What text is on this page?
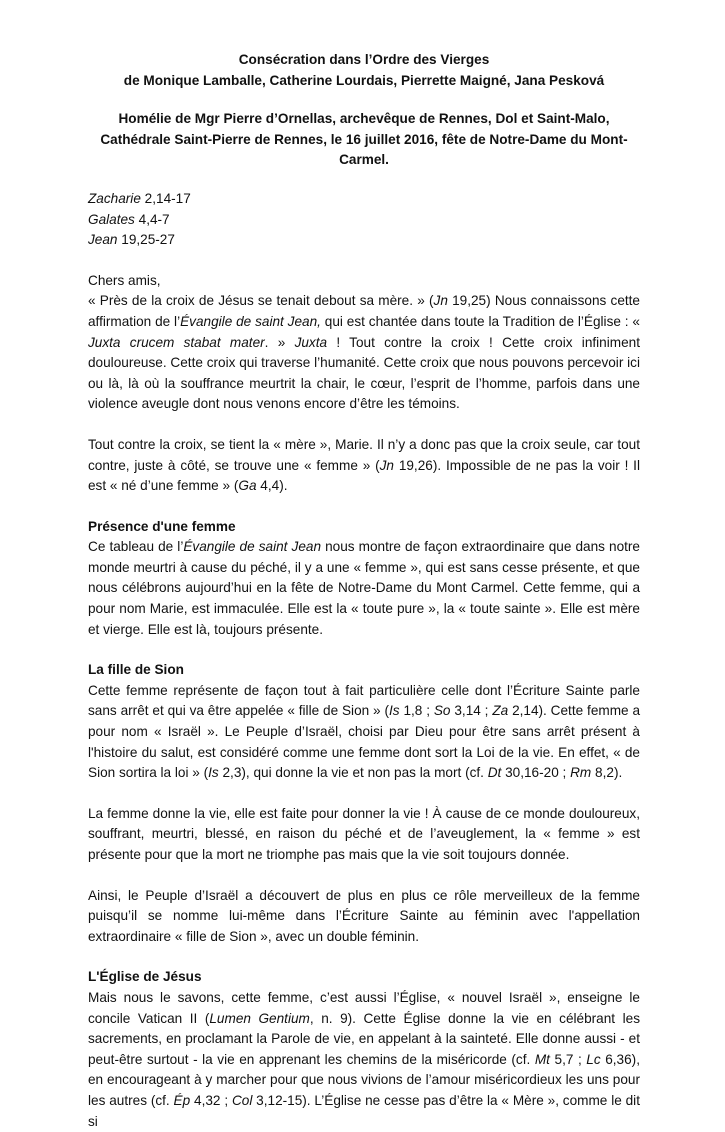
Consécration dans l’Ordre des Vierges

de Monique Lamballe, Catherine Lourdais, Pierrette Maigné, Jana Pesková

Homélie de Mgr Pierre d’Ornellas, archevêque de Rennes, Dol et Saint-Malo,

Cathédrale Saint-Pierre de Rennes, le 16 juillet 2016, fête de Notre-Dame du Mont-Carmel.

Zacharie 2,14-17

Galates 4,4-7

Jean 19,25-27

Chers amis,

« Près de la croix de Jésus se tenait debout sa mère. » (Jn 19,25) Nous connaissons cette affirmation de l’Évangile de saint Jean, qui est chantée dans toute la Tradition de l’Église : « Juxta crucem stabat mater. » Juxta ! Tout contre la croix ! Cette croix infiniment douloureuse. Cette croix qui traverse l’humanité. Cette croix que nous pouvons percevoir ici ou là, là où la souffrance meurtrit la chair, le cœur, l’esprit de l’homme, parfois dans une violence aveugle dont nous venons encore d’être les témoins.

Tout contre la croix, se tient la « mère », Marie. Il n’y a donc pas que la croix seule, car tout contre, juste à côté, se trouve une « femme » (Jn 19,26). Impossible de ne pas la voir ! Il est « né d’une femme » (Ga 4,4).

Présence d'une femme

Ce tableau de l’Évangile de saint Jean nous montre de façon extraordinaire que dans notre monde meurtri à cause du péché, il y a une « femme », qui est sans cesse présente, et que nous célébrons aujourd’hui en la fête de Notre-Dame du Mont Carmel. Cette femme, qui a pour nom Marie, est immaculée. Elle est la « toute pure », la « toute sainte ». Elle est mère et vierge. Elle est là, toujours présente.

La fille de Sion

Cette femme représente de façon tout à fait particulière celle dont l’Écriture Sainte parle sans arrêt et qui va être appelée « fille de Sion » (Is 1,8 ; So 3,14 ; Za 2,14). Cette femme a pour nom « Israël ». Le Peuple d’Israël, choisi par Dieu pour être sans arrêt présent à l'histoire du salut, est considéré comme une femme dont sort la Loi de la vie. En effet, « de Sion sortira la loi » (Is 2,3), qui donne la vie et non pas la mort (cf. Dt 30,16-20 ; Rm 8,2).

La femme donne la vie, elle est faite pour donner la vie ! À cause de ce monde douloureux, souffrant, meurtri, blessé, en raison du péché et de l’aveuglement, la « femme » est présente pour que la mort ne triomphe pas mais que la vie soit toujours donnée.

Ainsi, le Peuple d’Israël a découvert de plus en plus ce rôle merveilleux de la femme puisqu’il se nomme lui-même dans l’Écriture Sainte au féminin avec l'appellation extraordinaire « fille de Sion », avec un double féminin.

L'Église de Jésus

Mais nous le savons, cette femme, c’est aussi l’Église, « nouvel Israël », enseigne le concile Vatican II (Lumen Gentium, n. 9). Cette Église donne la vie en célébrant les sacrements, en proclamant la Parole de vie, en appelant à la sainteté. Elle donne aussi - et peut-être surtout - la vie en apprenant les chemins de la miséricorde (cf. Mt 5,7 ; Lc 6,36), en encourageant à y marcher pour que nous vivions de l’amour miséricordieux les uns pour les autres (cf. Ép 4,32 ; Col 3,12-15). L’Église ne cesse pas d’être la « Mère », comme le dit si
